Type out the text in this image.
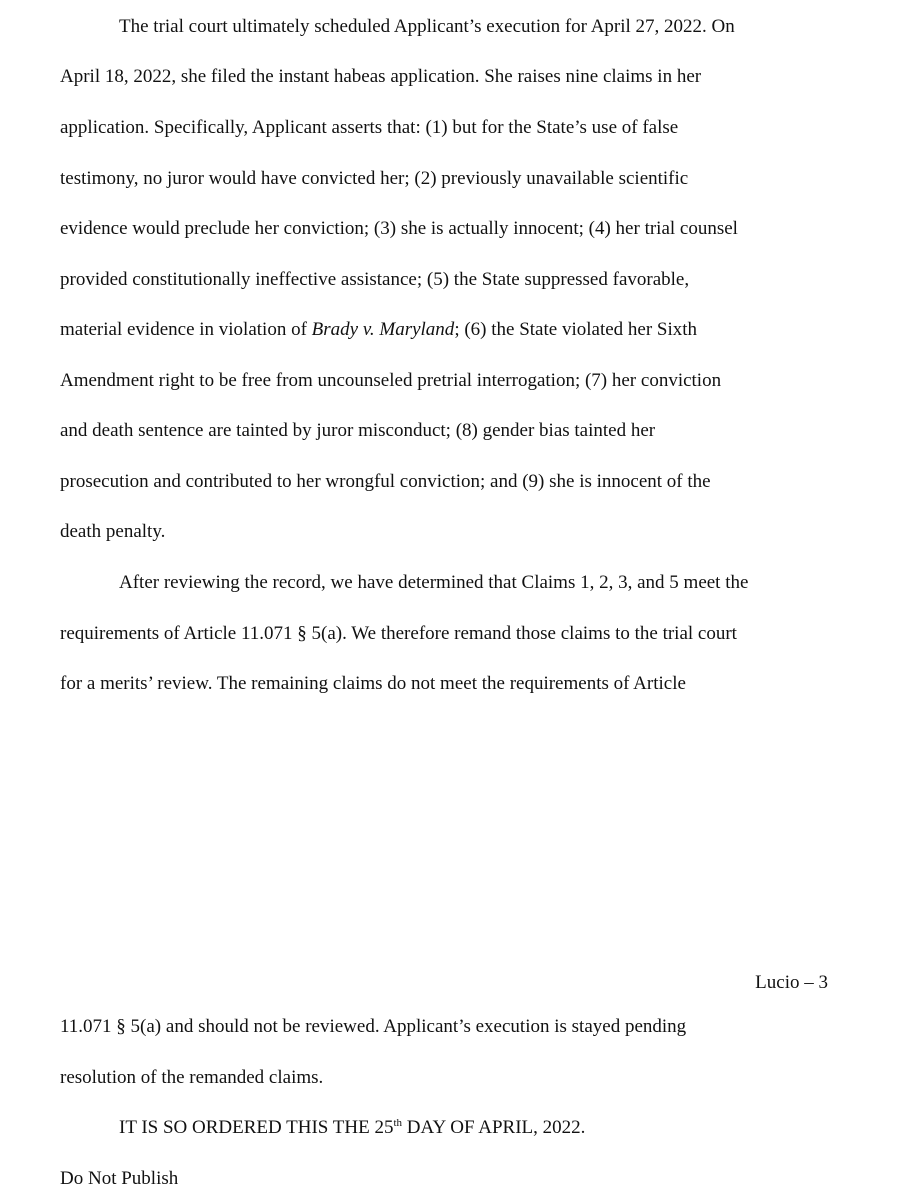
The trial court ultimately scheduled Applicant’s execution for April 27, 2022. On
April 18, 2022, she filed the instant habeas application. She raises nine claims in her
application. Specifically, Applicant asserts that: (1) but for the State’s use of false
testimony, no juror would have convicted her; (2) previously unavailable scientific
evidence would preclude her conviction; (3) she is actually innocent; (4) her trial counsel
provided constitutionally ineffective assistance; (5) the State suppressed favorable,
material evidence in violation of Brady v. Maryland; (6) the State violated her Sixth
Amendment right to be free from uncounseled pretrial interrogation; (7) her conviction
and death sentence are tainted by juror misconduct; (8) gender bias tainted her
prosecution and contributed to her wrongful conviction; and (9) she is innocent of the
death penalty.
After reviewing the record, we have determined that Claims 1, 2, 3, and 5 meet the
requirements of Article 11.071 § 5(a). We therefore remand those claims to the trial court
for a merits’ review. The remaining claims do not meet the requirements of Article
Lucio – 3
11.071 § 5(a) and should not be reviewed. Applicant’s execution is stayed pending
resolution of the remanded claims.
IT IS SO ORDERED THIS THE 25th DAY OF APRIL, 2022.
Do Not Publish
